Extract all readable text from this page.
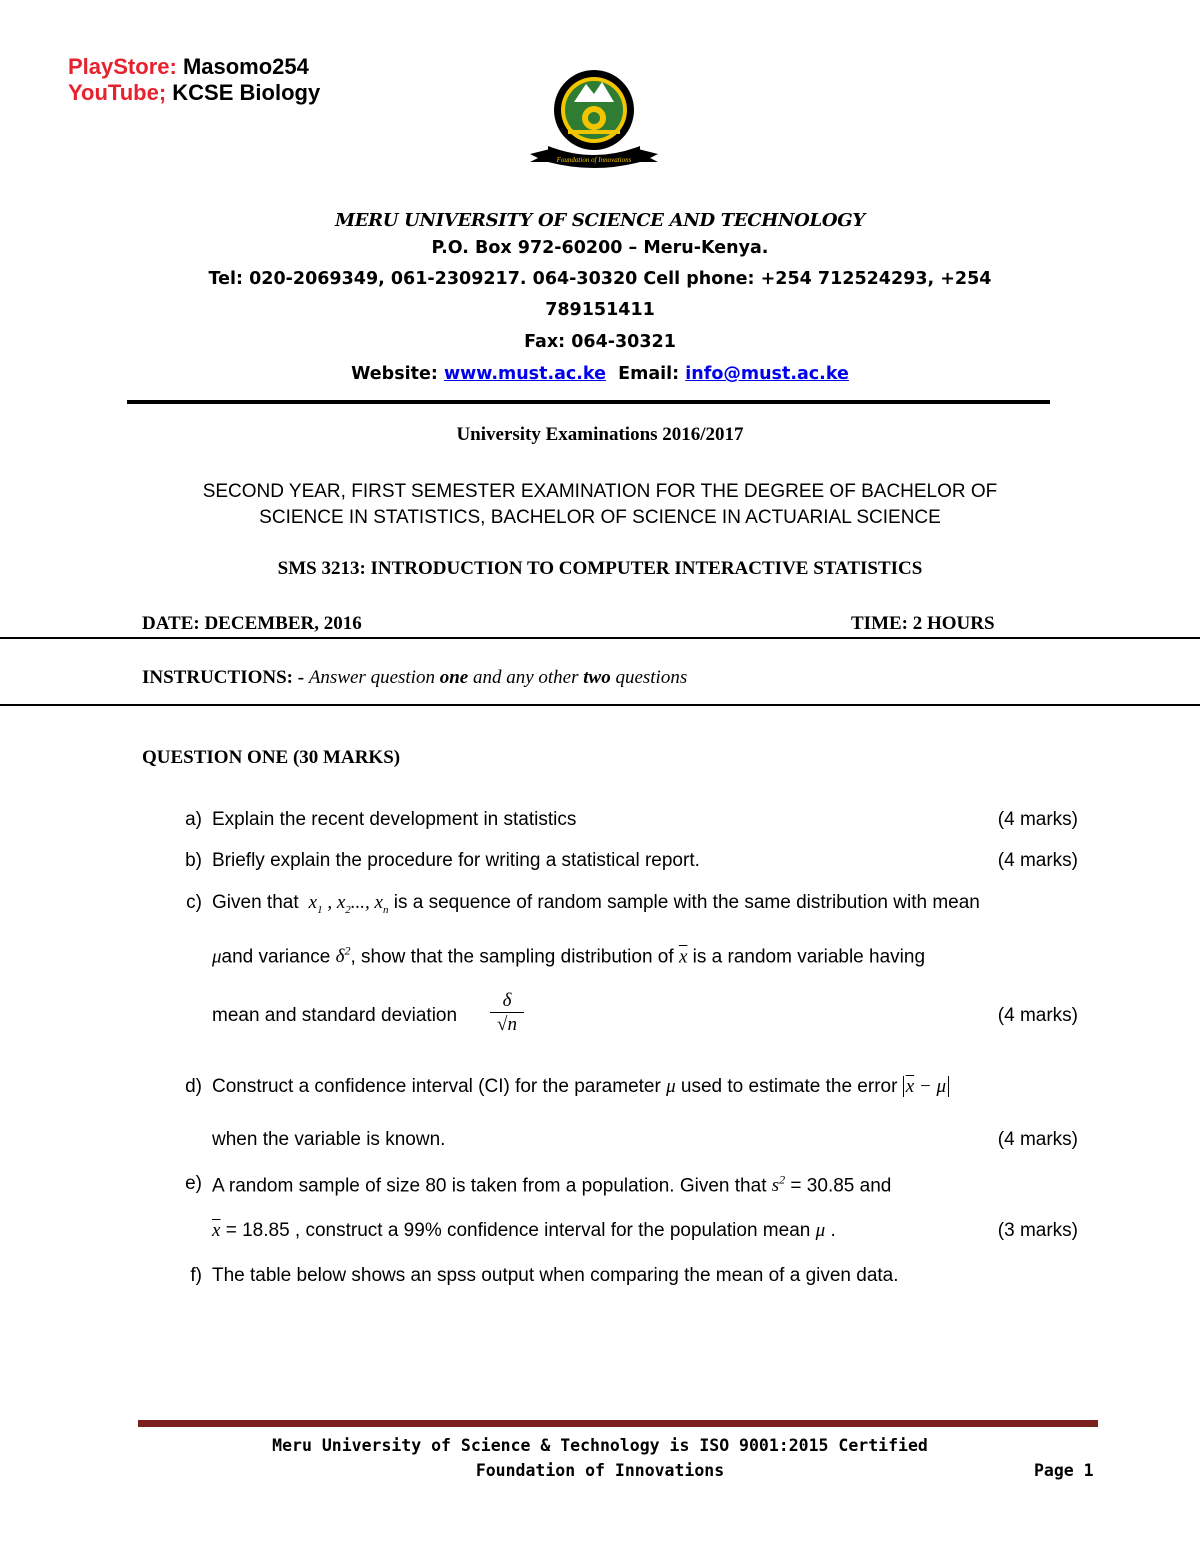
PlayStore: Masomo254
YouTube; KCSE Biology
Foundation of Innovations
MERU UNIVERSITY OF SCIENCE AND TECHNOLOGY
P.O. Box 972-60200 – Meru-Kenya.
Tel: 020-2069349, 061-2309217. 064-30320 Cell phone: +254 712524293, +254
789151411
Fax: 064-30321
Website: www.must.ac.ke Email: info@must.ac.ke
University Examinations 2016/2017
SECOND YEAR, FIRST SEMESTER EXAMINATION FOR THE DEGREE OF BACHELOR OF
SCIENCE IN STATISTICS, BACHELOR OF SCIENCE IN ACTUARIAL SCIENCE
SMS 3213: INTRODUCTION TO COMPUTER INTERACTIVE STATISTICS
DATE: DECEMBER, 2016	TIME: 2 HOURS
INSTRUCTIONS: - Answer question one and any other two questions
QUESTION ONE (30 MARKS)
a) Explain the recent development in statistics	(4 marks)
b) Briefly explain the procedure for writing a statistical report.	(4 marks)
c) Given that  $x_1$ , $x_2$..., $x_n$ is a sequence of random sample with the same distribution with mean
μand variance $\delta^2$, show that the sampling distribution of $\overline{x}$ is a random variable having
mean and standard deviation
δ
√n	(4 marks)
d) Construct a confidence interval (CI) for the parameter μ used to estimate the error $\overline{x} - \mu$
when the variable is known.	(4 marks)
e) A random sample of size 80 is taken from a population. Given that $s^2 = 30.85$ and
$\overline{x} = 18.85$ , construct a 99% confidence interval for the population mean μ .	(3 marks)
f) The table below shows an spss output when comparing the mean of a given data.
Meru University of Science & Technology is ISO 9001:2015 Certified
Foundation of Innovations	Page 1
